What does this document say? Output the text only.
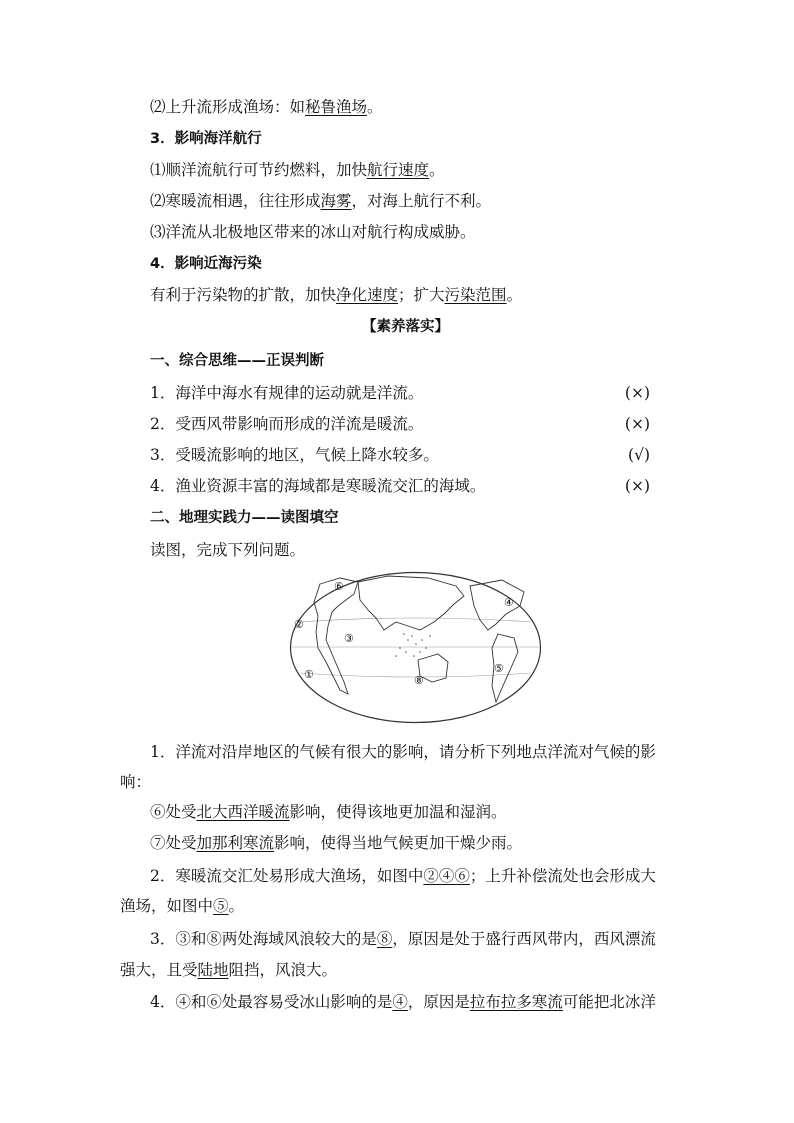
⑵上升流形成渔场：如秘鲁渔场。
3．影响海洋航行
⑴顺洋流航行可节约燃料，加快航行速度。
⑵寒暖流相遇，往往形成海雾，对海上航行不利。
⑶洋流从北极地区带来的冰山对航行构成威胁。
4．影响近海污染
有利于污染物的扩散，加快净化速度；扩大污染范围。
【素养落实】
一、综合思维——正误判断
1．海洋中海水有规律的运动就是洋流。	(×)
2．受西风带影响而形成的洋流是暖流。	(×)
3．受暖流影响的地区，气候上降水较多。	(√)
4．渔业资源丰富的海域都是寒暖流交汇的海域。	(×)
二、地理实践力——读图填空
读图，完成下列问题。
⑥
④
②
③
⑤
①	⑧
1．洋流对沿岸地区的气候有很大的影响，请分析下列地点洋流对气候的影
响：
⑥处受北大西洋暖流影响，使得该地更加温和湿润。
⑦处受加那利寒流影响，使得当地气候更加干燥少雨。
2．寒暖流交汇处易形成大渔场，如图中②④⑥；上升补偿流处也会形成大
渔场，如图中⑤。
3．③和⑧两处海域风浪较大的是⑧，原因是处于盛行西风带内，西风漂流
强大，且受陆地阻挡，风浪大。
4．④和⑥处最容易受冰山影响的是④，原因是拉布拉多寒流可能把北冰洋
